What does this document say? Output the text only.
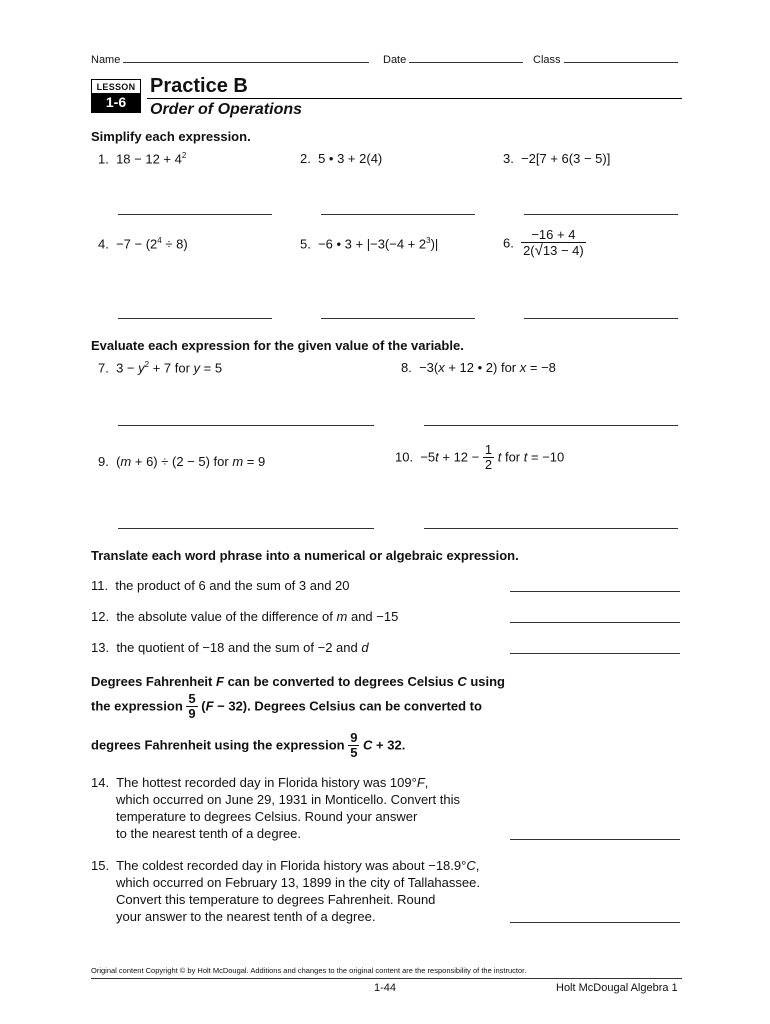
Name	Date	Class
LESSON
1-6
Practice B
Order of Operations
Simplify each expression.
1. $18 - 12 + 4^2$	2. 5 • 3 + 2(4)	3. −2[7 + 6(3 − 5)]
4. $-7 - (2^4 \div 8)$	5. −6 • $3 + |-3(-4 + 2^3)|$	6. $\frac{-16 + 4}{2(√13 - 4)}$
Evaluate each expression for the given value of the variable.
7. $3 - y^2 + 7$ for y = 5	8. −3(x + 12 • 2) for x = −8
9. (m + 6) ÷ (2 − 5) for m = 9	10. $-5t + 12 - \frac{1}{2}$ t for t = −10
Translate each word phrase into a numerical or algebraic expression.
11. the product of 6 and the sum of 3 and 20
12. the absolute value of the difference of m and −15
13. the quotient of −18 and the sum of −2 and d
Degrees Fahrenheit F can be converted to degrees Celsius C using
the expression $\frac{5}{9} (F - 32)$. Degrees Celsius can be converted to
degrees Fahrenheit using the expression $\frac{9}{5}$ C + 32.
14. The hottest recorded day in Florida history was 109°F,
which occurred on June 29, 1931 in Monticello. Convert this
temperature to degrees Celsius. Round your answer
to the nearest tenth of a degree.
15. The coldest recorded day in Florida history was about −18.9°C,
which occurred on February 13, 1899 in the city of Tallahassee.
Convert this temperature to degrees Fahrenheit. Round
your answer to the nearest tenth of a degree.
Original content Copyright © by Holt McDougal. Additions and changes to the original content are the responsibility of the instructor.
1-44	Holt McDougal Algebra 1
